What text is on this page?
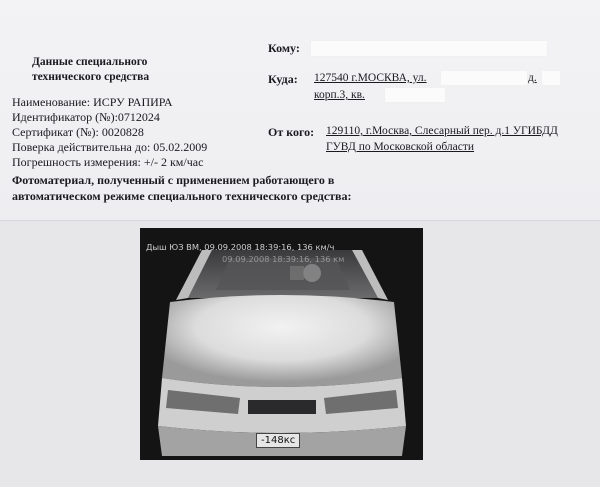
Данные специального
технического средства
Наименование: ИСРУ РАПИРА
Идентификатор (№):0712024
Сертификат (№): 0020828
Поверка действительна до: 05.02.2009
Погрешность измерения: +/- 2 км/час
Кому:
Куда: 127540 г.МОСКВА, ул.	д.
корп.3, кв.
От кого: 129110, г.Москва, Слесарный пер. д.1 УГИБДД
ГУВД по Московской области
Фотоматериал, полученный с применением работающего в
автоматическом режиме специального технического средства:
Дыш ЮЗ ВМ, 09.09.2008 18:39:16, 136 км/ч
09.09.2008 18:39:16, 136 км
-148кс
